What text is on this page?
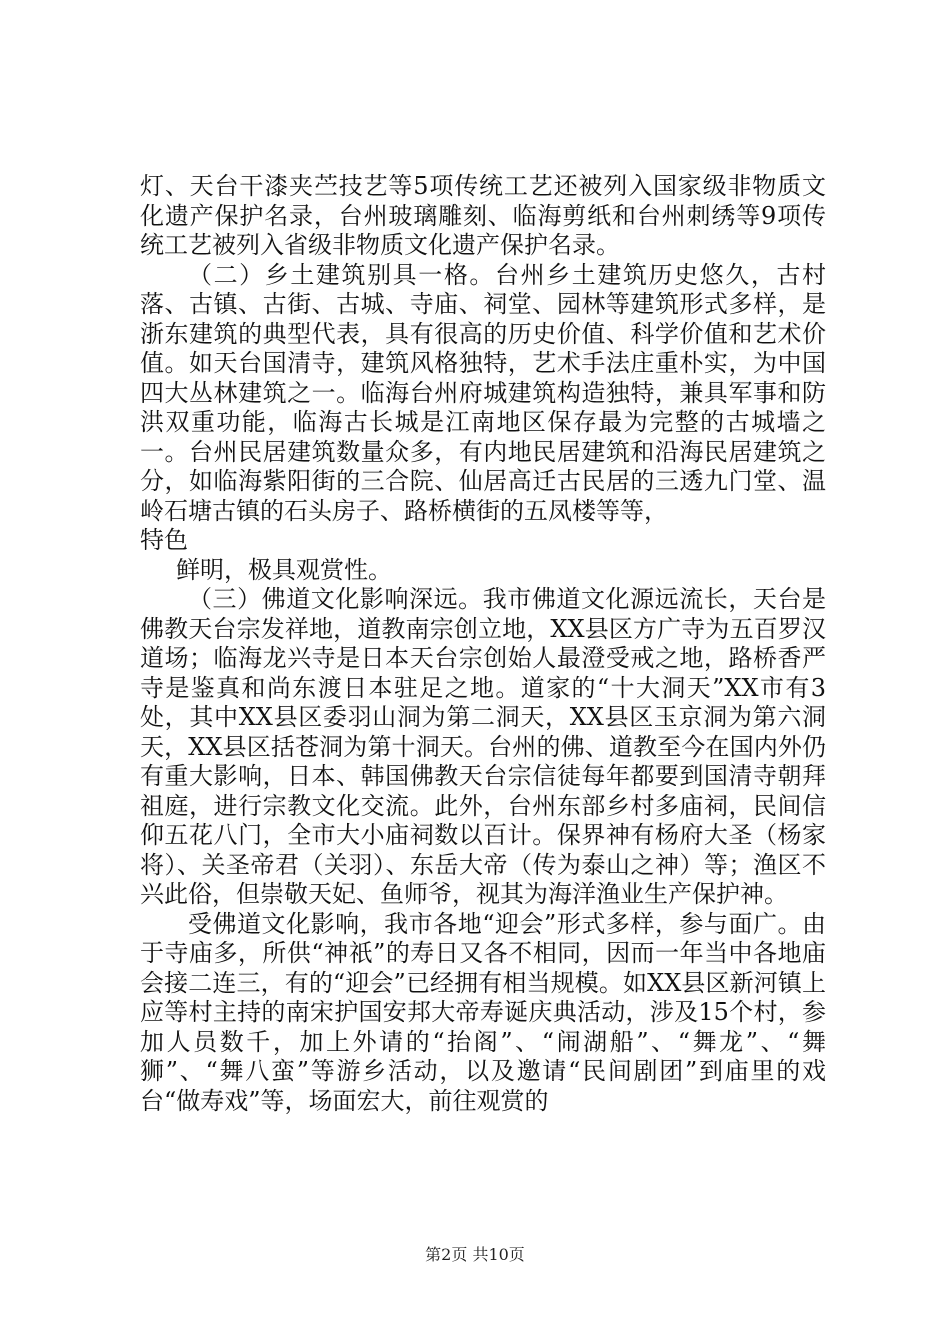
灯、天台干漆夹苎技艺等5项传统工艺还被列入国家级非物质文化遗产保护名录，台州玻璃雕刻、临海剪纸和台州刺绣等9项传统工艺被列入省级非物质文化遗产保护名录。

（二）乡土建筑别具一格。台州乡土建筑历史悠久，古村落、古镇、古街、古城、寺庙、祠堂、园林等建筑形式多样，是浙东建筑的典型代表，具有很高的历史价值、科学价值和艺术价值。如天台国清寺，建筑风格独特，艺术手法庄重朴实，为中国四大丛林建筑之一。临海台州府城建筑构造独特，兼具军事和防洪双重功能，临海古长城是江南地区保存最为完整的古城墙之一。台州民居建筑数量众多，有内地民居建筑和沿海民居建筑之分，如临海紫阳街的三合院、仙居高迁古民居的三透九门堂、温岭石塘古镇的石头房子、路桥横街的五凤楼等等，

特色

鲜明，极具观赏性。

（三）佛道文化影响深远。我市佛道文化源远流长，天台是佛教天台宗发祥地，道教南宗创立地，XX县区方广寺为五百罗汉道场；临海龙兴寺是日本天台宗创始人最澄受戒之地，路桥香严寺是鉴真和尚东渡日本驻足之地。道家的“十大洞天”XX市有3处，其中XX县区委羽山洞为第二洞天，XX县区玉京洞为第六洞天，XX县区括苍洞为第十洞天。台州的佛、道教至今在国内外仍有重大影响，日本、韩国佛教天台宗信徒每年都要到国清寺朝拜祖庭，进行宗教文化交流。此外，台州东部乡村多庙祠，民间信仰五花八门，全市大小庙祠数以百计。保界神有杨府大圣（杨家将）、关圣帝君（关羽）、东岳大帝（传为泰山之神）等；渔区不兴此俗，但崇敬天妃、鱼师爷，视其为海洋渔业生产保护神。

受佛道文化影响，我市各地“迎会”形式多样，参与面广。由于寺庙多，所供“神祇”的寿日又各不相同，因而一年当中各地庙会接二连三，有的“迎会”已经拥有相当规模。如XX县区新河镇上应等村主持的南宋护国安邦大帝寿诞庆典活动，涉及15个村，参加人员数千，加上外请的“抬阁”、“闹湖船”、“舞龙”、“舞狮”、“舞八蛮”等游乡活动，以及邀请“民间剧团”到庙里的戏台“做寿戏”等，场面宏大，前往观赏的

第2页 共10页
